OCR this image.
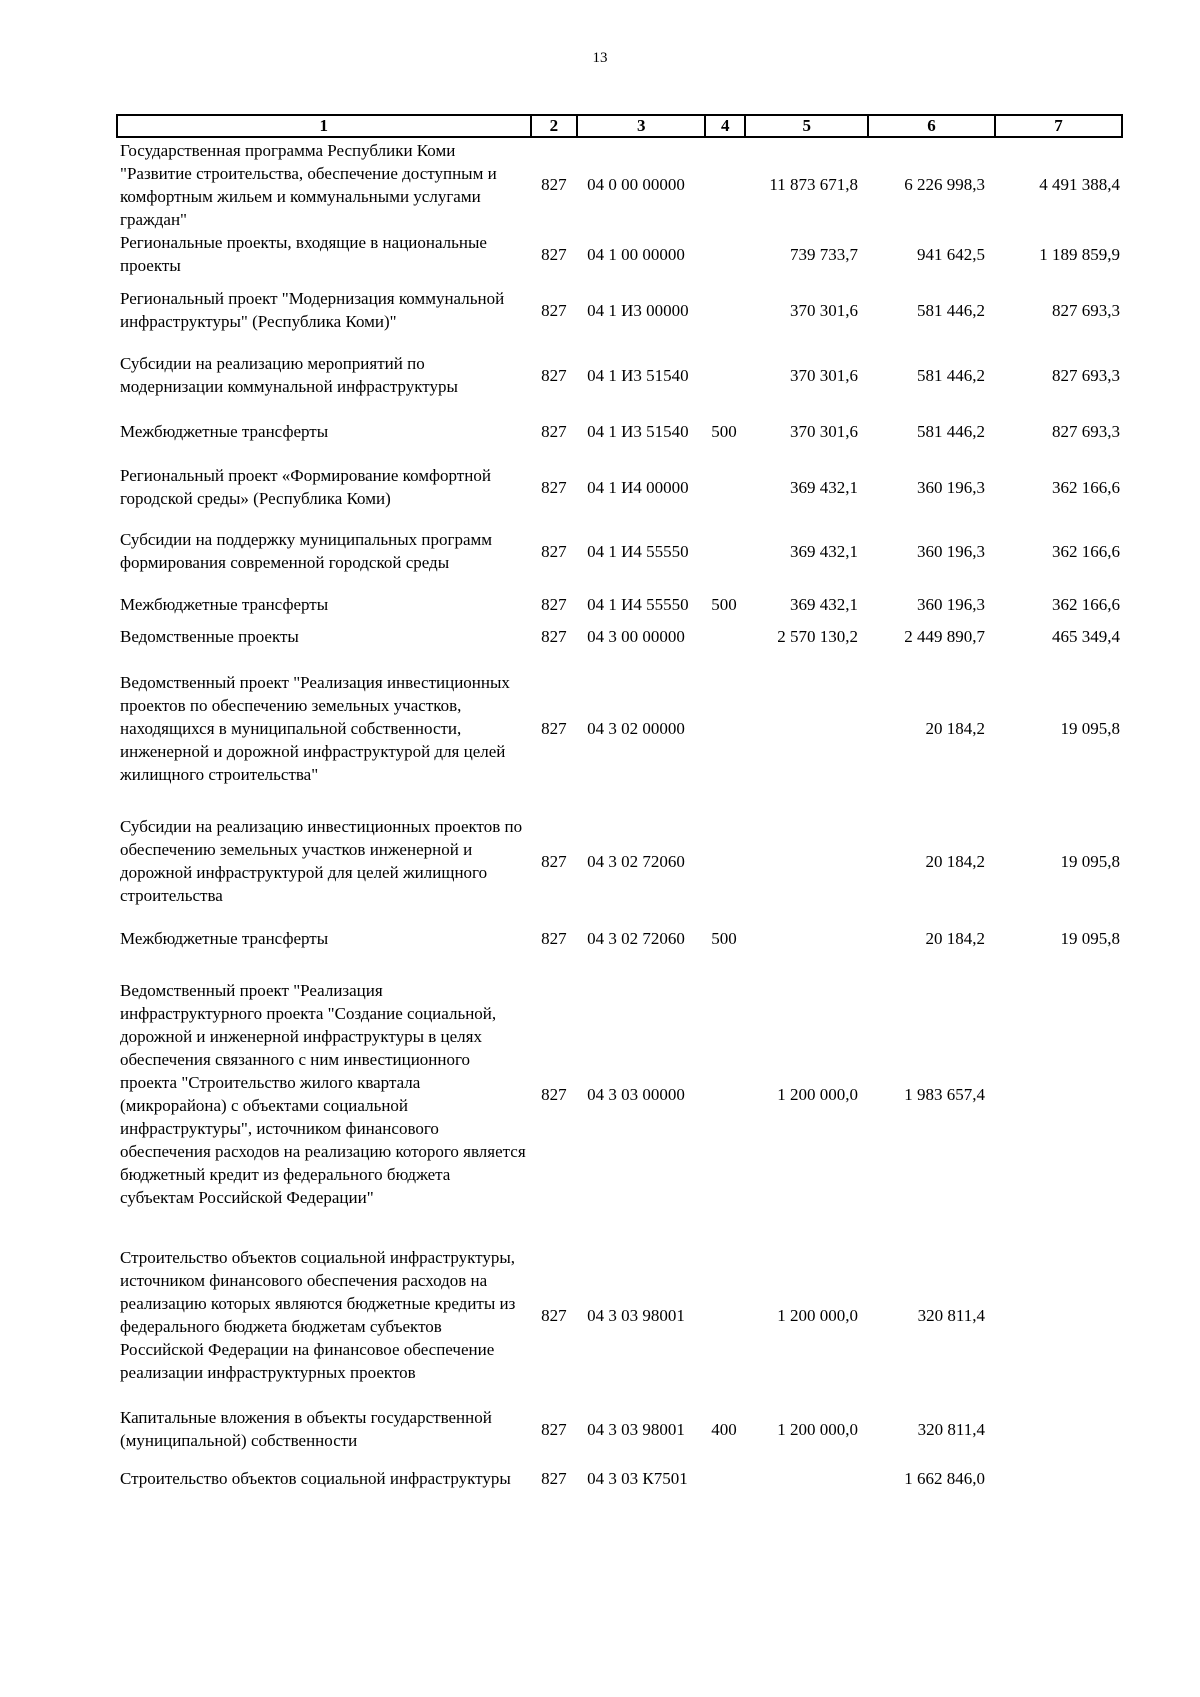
13
1	2	3	4	5	6	7
Государственная программа Республики Коми "Развитие строительства, обеспечение доступным и комфортным жильем и коммунальными услугами граждан"	827	04 0 00 00000		11 873 671,8	6 226 998,3	4 491 388,4
Региональные проекты, входящие в национальные проекты	827	04 1 00 00000		739 733,7	941 642,5	1 189 859,9
Региональный проект "Модернизация коммунальной инфраструктуры" (Республика Коми)"	827	04 1 И3 00000		370 301,6	581 446,2	827 693,3
Субсидии на реализацию мероприятий по модернизации коммунальной инфраструктуры	827	04 1 И3 51540		370 301,6	581 446,2	827 693,3
Межбюджетные трансферты	827	04 1 И3 51540	500	370 301,6	581 446,2	827 693,3
Региональный проект «Формирование комфортной городской среды» (Республика Коми)	827	04 1 И4 00000		369 432,1	360 196,3	362 166,6
Субсидии на поддержку муниципальных программ формирования современной городской среды	827	04 1 И4 55550		369 432,1	360 196,3	362 166,6
Межбюджетные трансферты	827	04 1 И4 55550	500	369 432,1	360 196,3	362 166,6
Ведомственные проекты	827	04 3 00 00000		2 570 130,2	2 449 890,7	465 349,4
Ведомственный проект "Реализация инвестиционных проектов по обеспечению земельных участков, находящихся в муниципальной собственности, инженерной и дорожной инфраструктурой для целей жилищного строительства"	827	04 3 02 00000			20 184,2	19 095,8
Субсидии на реализацию инвестиционных проектов по обеспечению земельных участков инженерной и дорожной инфраструктурой для целей жилищного строительства	827	04 3 02 72060			20 184,2	19 095,8
Межбюджетные трансферты	827	04 3 02 72060	500		20 184,2	19 095,8
Ведомственный проект "Реализация инфраструктурного проекта "Создание социальной, дорожной и инженерной инфраструктуры в целях обеспечения связанного с ним инвестиционного проекта "Строительство жилого квартала (микрорайона) с объектами социальной инфраструктуры", источником финансового обеспечения расходов на реализацию которого является бюджетный кредит из федерального бюджета субъектам Российской Федерации"	827	04 3 03 00000		1 200 000,0	1 983 657,4	
Строительство объектов социальной инфраструктуры, источником финансового обеспечения расходов на реализацию которых являются бюджетные кредиты из федерального бюджета бюджетам субъектов Российской Федерации на финансовое обеспечение реализации инфраструктурных проектов	827	04 3 03 98001		1 200 000,0	320 811,4	
Капитальные вложения в объекты государственной (муниципальной) собственности	827	04 3 03 98001	400	1 200 000,0	320 811,4	
Строительство объектов социальной инфраструктуры	827	04 3 03 К7501			1 662 846,0	
